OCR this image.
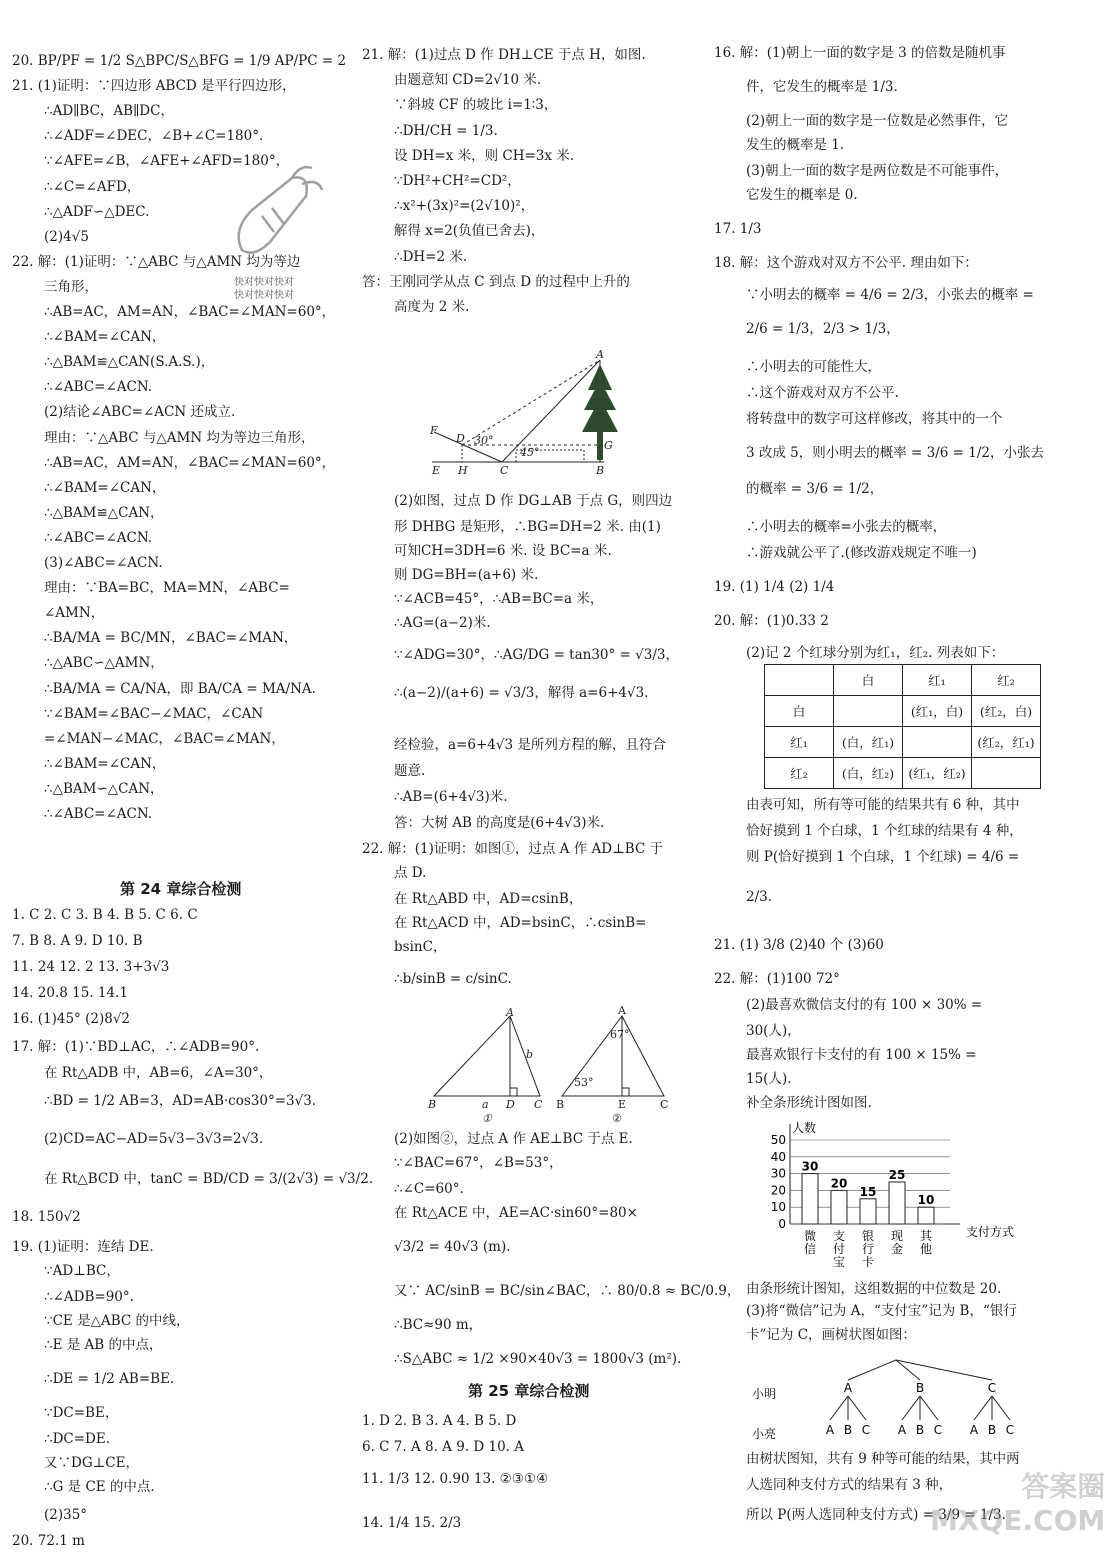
20. BP/PF = 1/2 S△BPC/S△BFG = 1/9 AP/PC = 2
21. (1)证明：∵四边形 ABCD 是平行四边形，
∴AD∥BC，AB∥DC，
∴∠ADF=∠DEC，∠B+∠C=180°.
∵∠AFE=∠B，∠AFE+∠AFD=180°，
∴∠C=∠AFD，
∴△ADF∽△DEC.
(2)4√5
22. 解：(1)证明：∵△ABC 与△AMN 均为等边
三角形，
∴AB=AC，AM=AN，∠BAC=∠MAN=60°，
∴∠BAM=∠CAN，
∴△BAM≌△CAN(S.A.S.)，
∴∠ABC=∠ACN.
(2)结论∠ABC=∠ACN 还成立.
理由：∵△ABC 与△AMN 均为等边三角形，
∴AB=AC，AM=AN，∠BAC=∠MAN=60°，
∴∠BAM=∠CAN，
∴△BAM≌△CAN，
∴∠ABC=∠ACN.
(3)∠ABC=∠ACN.
理由：∵BA=BC，MA=MN，∠ABC=
∠AMN，
∴BA/MA = BC/MN，∠BAC=∠MAN，
∴△ABC∽△AMN，
∴BA/MA = CA/NA，即 BA/CA = MA/NA.
∵∠BAM=∠BAC−∠MAC，∠CAN
=∠MAN−∠MAC，∠BAC=∠MAN，
∴∠BAM=∠CAN，
∴△BAM∽△CAN，
∴∠ABC=∠ACN.
第 24 章综合检测
1. C 2. C 3. B 4. B 5. C 6. C
7. B 8. A 9. D 10. B
11. 24 12. 2 13. 3+3√3
14. 20.8 15. 14.1
16. (1)45° (2)8√2
17. 解：(1)∵BD⊥AC，∴∠ADB=90°.
在 Rt△ADB 中，AB=6，∠A=30°，
∴BD = 1/2 AB=3，AD=AB·cos30°=3√3.
(2)CD=AC−AD=5√3−3√3=2√3.
在 Rt△BCD 中，tanC = BD/CD = 3/(2√3) = √3/2.
18. 150√2
19. (1)证明：连结 DE.
∵AD⊥BC，
∴∠ADB=90°.
∵CE 是△ABC 的中线，
∴E 是 AB 的中点，
∴DE = 1/2 AB=BE.
∵DC=BE，
∴DC=DE.
又∵DG⊥CE，
∴G 是 CE 的中点.
(2)35°
20. 72.1 m
21. 解：(1)过点 D 作 DH⊥CE 于点 H，如图.
由题意知 CD=2√10 米.
∵斜坡 CF 的坡比 i=1∶3，
∴DH/CH = 1/3.
设 DH=x 米，则 CH=3x 米.
∵DH²+CH²=CD²，
∴x²+(3x)²=(2√10)²，
解得 x=2(负值已舍去)，
∴DH=2 米.
答：王刚同学从点 C 到点 D 的过程中上升的
高度为 2 米.
(2)如图，过点 D 作 DG⊥AB 于点 G，则四边
形 DHBG 是矩形，∴BG=DH=2 米. 由(1)
可知CH=3DH=6 米. 设 BC=a 米.
则 DG=BH=(a+6) 米.
∵∠ACB=45°，∴AB=BC=a 米，
∴AG=(a−2)米.
∵∠ADG=30°，∴AG/DG = tan30° = √3/3，
∴(a−2)/(a+6) = √3/3，解得 a=6+4√3.
经检验，a=6+4√3 是所列方程的解，且符合
题意.
∴AB=(6+4√3)米.
答：大树 AB 的高度是(6+4√3)米.
22. 解：(1)证明：如图①，过点 A 作 AD⊥BC 于
点 D.
在 Rt△ABD 中，AD=csinB，
在 Rt△ACD 中，AD=bsinC，∴csinB=
bsinC，
∴b/sinB = c/sinC.
(2)如图②，过点 A 作 AE⊥BC 于点 E.
∵∠BAC=67°，∠B=53°，
∴∠C=60°.
在 Rt△ACE 中，AE=AC·sin60°=80×
√3/2 = 40√3 (m).
又∵ AC/sinB = BC/sin∠BAC，∴ 80/0.8 ≈ BC/0.9，
∴BC≈90 m，
∴S△ABC ≈ 1/2 ×90×40√3 = 1800√3 (m²).
第 25 章综合检测
1. D 2. B 3. A 4. B 5. D
6. C 7. A 8. A 9. D 10. A
11. 1/3 12. 0.90 13. ②③①④
14. 1/4 15. 2/3
16. 解：(1)朝上一面的数字是 3 的倍数是随机事
件，它发生的概率是 1/3.
(2)朝上一面的数字是一位数是必然事件，它
发生的概率是 1.
(3)朝上一面的数字是两位数是不可能事件，
它发生的概率是 0.
17. 1/3
18. 解：这个游戏对双方不公平. 理由如下：
∵小明去的概率 = 4/6 = 2/3，小张去的概率 =
2/6 = 1/3，2/3 > 1/3，
∴小明去的可能性大，
∴这个游戏对双方不公平.
将转盘中的数字可这样修改，将其中的一个
3 改成 5，则小明去的概率 = 3/6 = 1/2，小张去
的概率 = 3/6 = 1/2，
∴小明去的概率=小张去的概率，
∴游戏就公平了.(修改游戏规定不唯一)
19. (1) 1/4 (2) 1/4
20. 解：(1)0.33 2
(2)记 2 个红球分别为红₁，红₂. 列表如下：
由表可知，所有等可能的结果共有 6 种，其中
恰好摸到 1 个白球，1 个红球的结果有 4 种，
则 P(恰好摸到 1 个白球，1 个红球) = 4/6 =
2/3.
21. (1) 3/8 (2)40 个 (3)60
22. 解：(1)100 72°
(2)最喜欢微信支付的有 100 × 30% =
30(人)，
最喜欢银行卡支付的有 100 × 15% =
15(人).
补全条形统计图如图.
由条形统计图知，这组数据的中位数是 20.
(3)将“微信”记为 A，“支付宝”记为 B，“银行
卡”记为 C，画树状图如图：
由树状图知，共有 9 种等可能的结果，其中两
人选同种支付方式的结果有 3 种，
所以 P(两人选同种支付方式) = 3/9 = 1/3.
	白	红₁	红₂
白		(红₁，白)	(红₂，白)
红₁	(白，红₁)		(红₂，红₁)
红₂	(白，红₂)	(红₁，红₂)	
A
F
D 30°
45°
E H	C
G
B
A
b
B	a D C
①
A
67°
53°
B	E	C
②
人数
支付方式
0
10
20
30
40
50
30
微
信
20
支
付
宝
15
银
行
卡
25
现
金
10
其
他
小明
小亮
A
A B C
B
A B C
C
A B C
快对快对快对
快对快对快对
答案圈
MXQE.COM
